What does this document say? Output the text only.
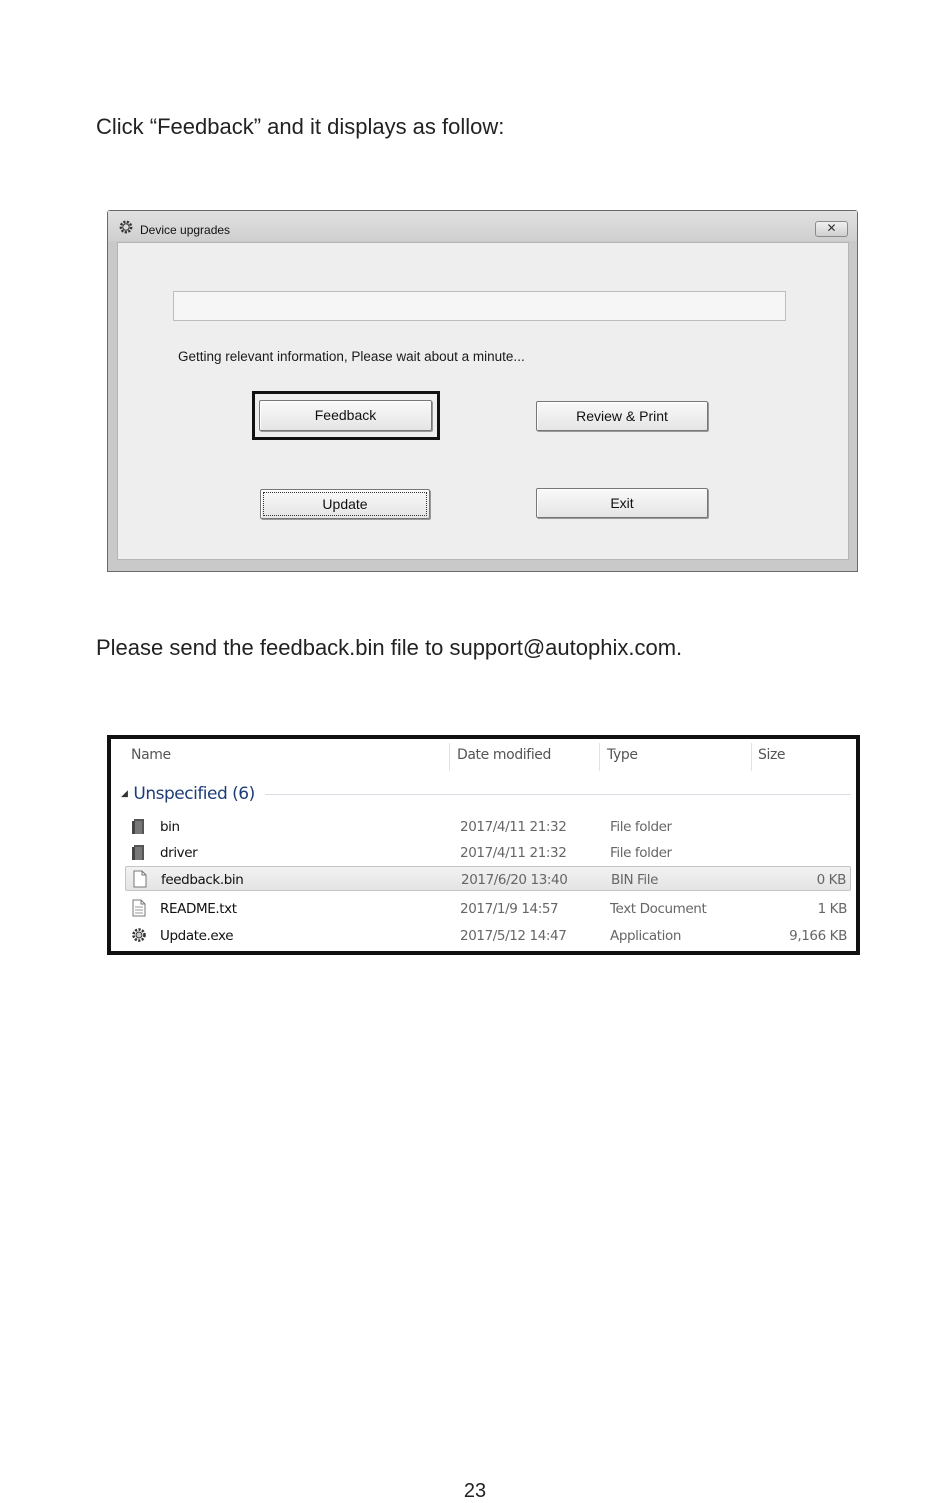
Click “Feedback” and it displays as follow:

Device upgrades	✕
Getting relevant information, Please wait about a minute...
Feedback	Review & Print
Update	Exit

Please send the feedback.bin file to support@autophix.com.

Name	Date modified	Type	Size
◢ Unspecified (6)
bin	2017/4/11 21:32	File folder
driver	2017/4/11 21:32	File folder
feedback.bin	2017/6/20 13:40	BIN File	0 KB
README.txt	2017/1/9 14:57	Text Document	1 KB
Update.exe	2017/5/12 14:47	Application	9,166 KB
23
